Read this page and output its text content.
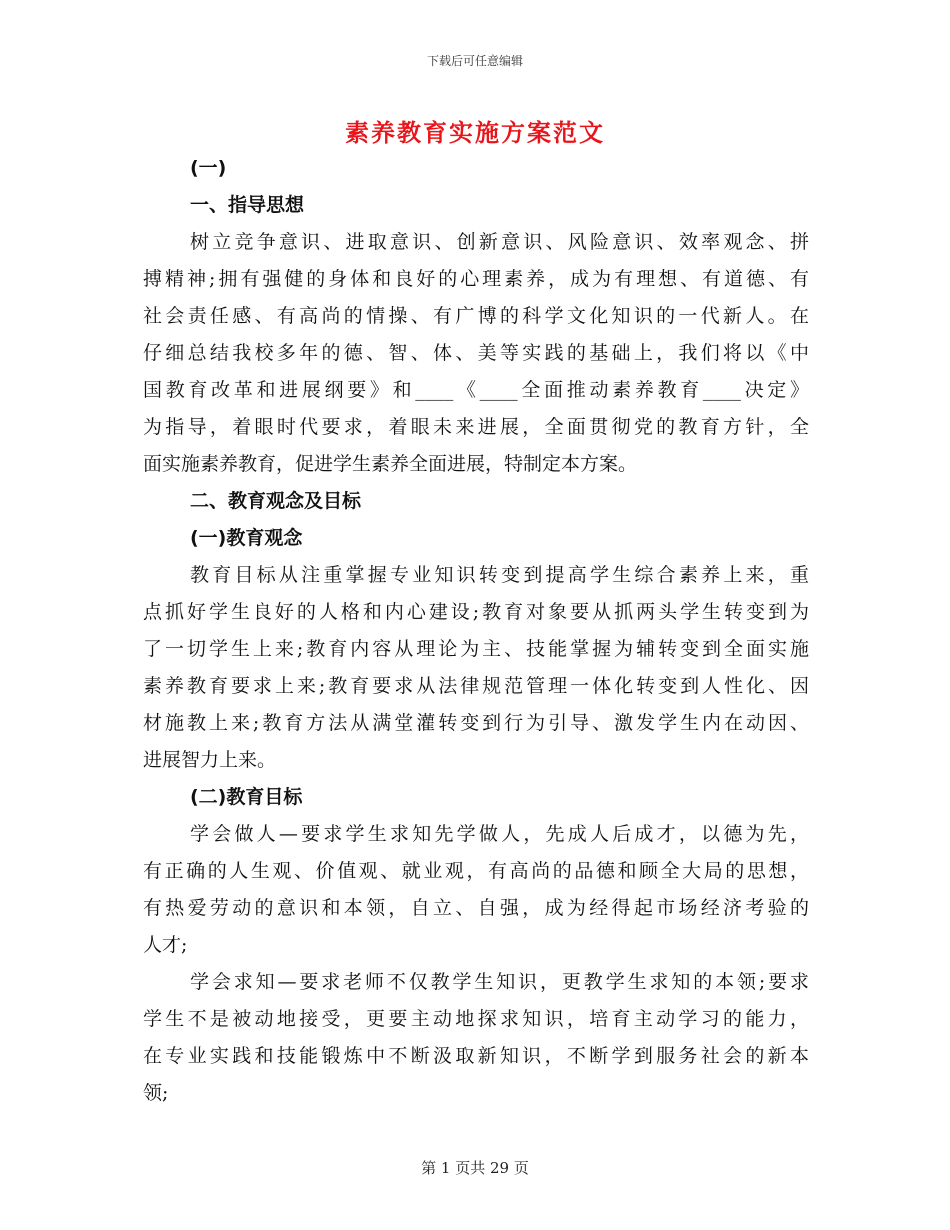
下载后可任意编辑
素养教育实施方案范文
(一)
一、指导思想
树立竞争意识、进取意识、创新意识、风险意识、效率观念、拼
搏精神;拥有强健的身体和良好的心理素养，成为有理想、有道德、有
社会责任感、有高尚的情操、有广博的科学文化知识的一代新人。在
仔细总结我校多年的德、智、体、美等实践的基础上，我们将以《中
国教育改革和进展纲要》和____《____全面推动素养教育____决定》
为指导，着眼时代要求，着眼未来进展，全面贯彻党的教育方针，全
面实施素养教育，促进学生素养全面进展，特制定本方案。
二、教育观念及目标
(一)教育观念
教育目标从注重掌握专业知识转变到提高学生综合素养上来，重
点抓好学生良好的人格和内心建设;教育对象要从抓两头学生转变到为
了一切学生上来;教育内容从理论为主、技能掌握为辅转变到全面实施
素养教育要求上来;教育要求从法律规范管理一体化转变到人性化、因
材施教上来;教育方法从满堂灌转变到行为引导、激发学生内在动因、
进展智力上来。
(二)教育目标
学会做人—要求学生求知先学做人，先成人后成才，以德为先，
有正确的人生观、价值观、就业观，有高尚的品德和顾全大局的思想，
有热爱劳动的意识和本领，自立、自强，成为经得起市场经济考验的
人才;
学会求知—要求老师不仅教学生知识，更教学生求知的本领;要求
学生不是被动地接受，更要主动地探求知识，培育主动学习的能力，
在专业实践和技能锻炼中不断汲取新知识，不断学到服务社会的新本
领;
第 1 页共 29 页
